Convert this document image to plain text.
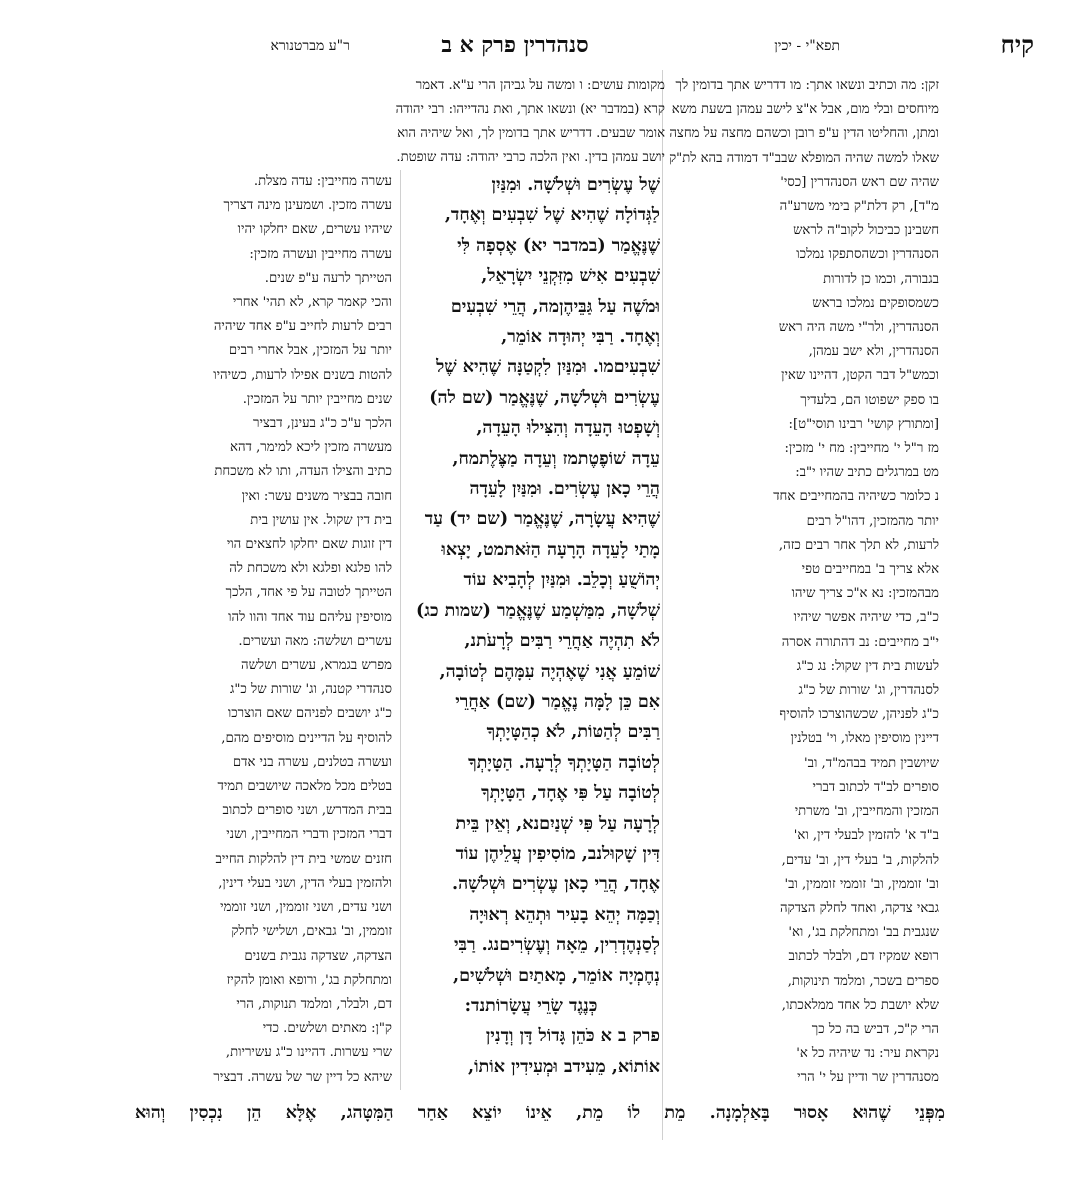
קיח
תפא"י - יכין
סנהדרין פרק א ב
ר"ע מברטנורא

זקן: מה וכתיב ונשאו אתך: מו דדריש אתך בדומין לך

מיוחסים ובלי מום, אבל א"צ לישב עמהן בשעת משא

ומתן, והחליטו הדין ע"פ רובן וכשהם מחצה על מחצה

שאלו למשה שהיה המופלא שבב"ד דמודה בהא לת"ק

שהיה שם ראש הסנהדרין [כסי'

מ"ד], רק דלת"ק בימי משרע"ה

חשבינן כביכול לקוב"ה לראש

הסנהדרין וכשהסתפקו נמלכו

בגבורה, וכמו כן לדורות

כשמסופקים נמלכו בראש

הסנהדרין, ולר"י משה היה ראש

הסנהדרין, ולא ישב עמהן,

וכמש"ל דבר הקטן, דהיינו שאין

בו ספק ישפוטו הם, בלעדיך

[ומתורץ קושי' רבינו תוסי"ט]:

מז ר"ל י' מחייבין: מח י' מזכין:

מט במרגלים כתיב שהיו י"ב:

נ כלומר כשיהיה בהמחייבים אחד

יותר מהמזכין, דהו"ל רבים

לרעות, לא תלך אחר רבים כזה,

אלא צריך ב' במחייבים טפי

מבהמזכין: נא א"כ צריך שיהו

כ"ב, כדי שיהיה אפשר שיהיו

י"ב מחייבים: נב דהתורה אסרה

לעשות בית דין שקול: נג כ"ג

לסנהדרין, וג' שורות של כ"ג

כ"ג לפניהן, שכשהוצרכו להוסיף

דיינין מוסיפין מאלו, וי' בטלנין

שיושבין תמיד בבהמ"ד, וב'

סופרים לב"ד לכתוב דברי

המזכין והמחייבין, וב' משרתי

ב"ד א' להזמין לבעלי דין, וא'

להלקות, ב' בעלי דין, וב' עדים,

וב' זוממין, וב' זוממי זוממין, וב'

גבאי צדקה, ואחד לחלק הצדקה

שנגבית בב' ומתחלקת בג', וא'

רופא שמקיז דם, ולבלר לכתוב

ספרים בשכר, ומלמד תינוקות,

שלא יושבת כל אחד ממלאכתו,

הרי ק"כ, דביש בה כל כך

נקראת עיר: נד שיהיה כל א'

מסנהדרין שר ודיין על י' הרי

מקומות עושים: ו ומשה על גביהן הרי ע"א. דאמר

קרא (במדבר יא) ונשאו אתך, ואת נהדייהו: רבי יהודה

אומר שבעים. דדריש אתך בדומין לך, ואל שיהיה הוא

יושב עמהן בדין. ואין הלכה כרבי יהודה: עדה שופטת.

עשרה מחייבין: עדה מצלת.

עשרה מזכין. ושמעינן מינה דצריך

שיהיו עשרים, שאם יחלקו יהיו

עשרה מחייבין ועשרה מזכין:

הטייתך לרעה ע"פ שנים.

והכי קאמר קרא, לא תהי' אחרי

רבים לרעות לחייב ע"פ אחד שיהיה

יותר על המזכין, אבל אחרי רבים

להטות בשנים אפילו לרעות, כשיהיו

שנים מחייבין יותר על המזכין.

הלכך ע"כ כ"ג בעינן, דבציר

מעשרה מזכין ליכא למימר, דהא

כתיב והצילו העדה, ותו לא משכחת

חובה בבציר משנים עשר: ואין

בית דין שקול. אין עושין בית

דין זוגות שאם יחלקו לחצאים הוי

להו פלגא ופלגא ולא משכחת לה

הטייתך לטובה על פי אחד, הלכך

מוסיפין עליהם עוד אחד והוו להו

עשרים ושלשה: מאה ועשרים.

מפרש בגמרא, עשרים ושלשה

סנהדרי קטנה, וג' שורות של כ"ג

כ"ג יושבים לפניהם שאם הוצרכו

להוסיף על הדיינים מוסיפים מהם,

ועשרה בטלנים, עשרה בני אדם

בטלים מכל מלאכה שיושבים תמיד

בבית המדרש, ושני סופרים לכתוב

דברי המזכין ודברי המחייבין, ושני

חזנים שמשי בית דין להלקות החייב

ולהזמין בעלי הדין, ושני בעלי דינין,

ושני עדים, ושני זוממין, ושני זוממי

זוממין, וב' גבאים, ושלישי לחלק

הצדקה, שצדקה נגבית בשנים

ומתחלקת בג', ורופא ואומן להקיז

דם, ולבלר, ומלמד תנוקות, הרי

ק"ן: מאתים ושלשים. כדי

שרי עשרות. דהיינו כ"ג עשיריות,

שיהא כל דיין שר של עשרה. דבציר

שֶׁל עֶשְׂרִים וּשְׁלֹשָׁה. וּמִנַּיִן

לַגְּדוֹלָה שֶׁהִיא שֶׁל שִׁבְעִים וְאֶחָד,

שֶׁנֶּאֱמַר (במדבר יא) אֶסְפָה לִּי

שִׁבְעִים אִישׁ מִזִּקְנֵי יִשְׂרָאֵל,

וּמֹשֶׁה עַל גַּבֵּיהֶןמה, הֲרֵי שִׁבְעִים

וְאֶחָד. רַבִּי יְהוּדָה אוֹמֵר,

שִׁבְעִיםמו. וּמִנַּיִן לִקְטַנָּה שֶׁהִיא שֶׁל

עֶשְׂרִים וּשְׁלֹשָׁה, שֶׁנֶּאֱמַר (שם לה)

וְשָׁפְטוּ הָעֵדָה וְהִצִּילוּ הָעֵדָה,

עֵדָה שׁוֹפֶטֶתמז וְעֵדָה מַצֶּלֶתמח,

הֲרֵי כָאן עֶשְׂרִים. וּמִנַּיִן לָעֵדָה

שֶׁהִיא עֲשָׂרָה, שֶׁנֶּאֱמַר (שם יד) עַד

מָתַי לָעֵדָה הָרָעָה הַזֹּאתמט, יָצְאוּ

יְהוֹשֻׁעַ וְכָלֵב. וּמִנַּיִן לְהָבִיא עוֹד

שְׁלֹשָׁה, מִמַּשְׁמַע שֶׁנֶּאֱמַר (שמות כג)

לֹא תִהְיֶה אַחֲרֵי רַבִּים לְרָעֹתנ,

שׁוֹמֵעַ אֲנִי שֶׁאֶהְיֶה עִמָּהֶם לְטוֹבָה,

אִם כֵּן לָמָּה נֶאֱמַר (שם) אַחֲרֵי

רַבִּים לְהַטּוֹת, לֹא כְהַטָּיָתְךָ

לְטוֹבָה הַטָּיָתְךָ לְרָעָה. הַטָּיָתְךָ

לְטוֹבָה עַל פִּי אֶחָד, הַטָּיָתְךָ

לְרָעָה עַל פִּי שְׁנַיִםנא, וְאֵין בֵּית

דִּין שָׁקוּלנב, מוֹסִיפִין עֲלֵיהֶן עוֹד

אֶחָד, הֲרֵי כָאן עֶשְׂרִים וּשְׁלֹשָׁה.

וְכַמָּה יְהֵא בָעִיר וּתְהֵא רְאוּיָה

לְסַנְהֶדְרִין, מֵאָה וְעֶשְׂרִיםנג. רַבִּי

נְחֶמְיָה אוֹמֵר, מָאתַיִם וּשְׁלֹשִׁים,

כְּנֶגֶד שָׂרֵי עֲשָׂרוֹתנד:

פרק ב א כֹּהֵן גָּדוֹל דָּן וְדָנִין

אוֹתוֹא, מֵעִידב וּמְעִידִין אוֹתוֹ,

מִפְּנֵי שֶׁהוּא אָסוּר בָּאַלְמָנָה. מֵת לוֹ מֵת, אֵינוֹ יוֹצֵא אַחַר הַמִּטָּהג, אֶלָּא הֵן נִכְסִין וְהוּא
